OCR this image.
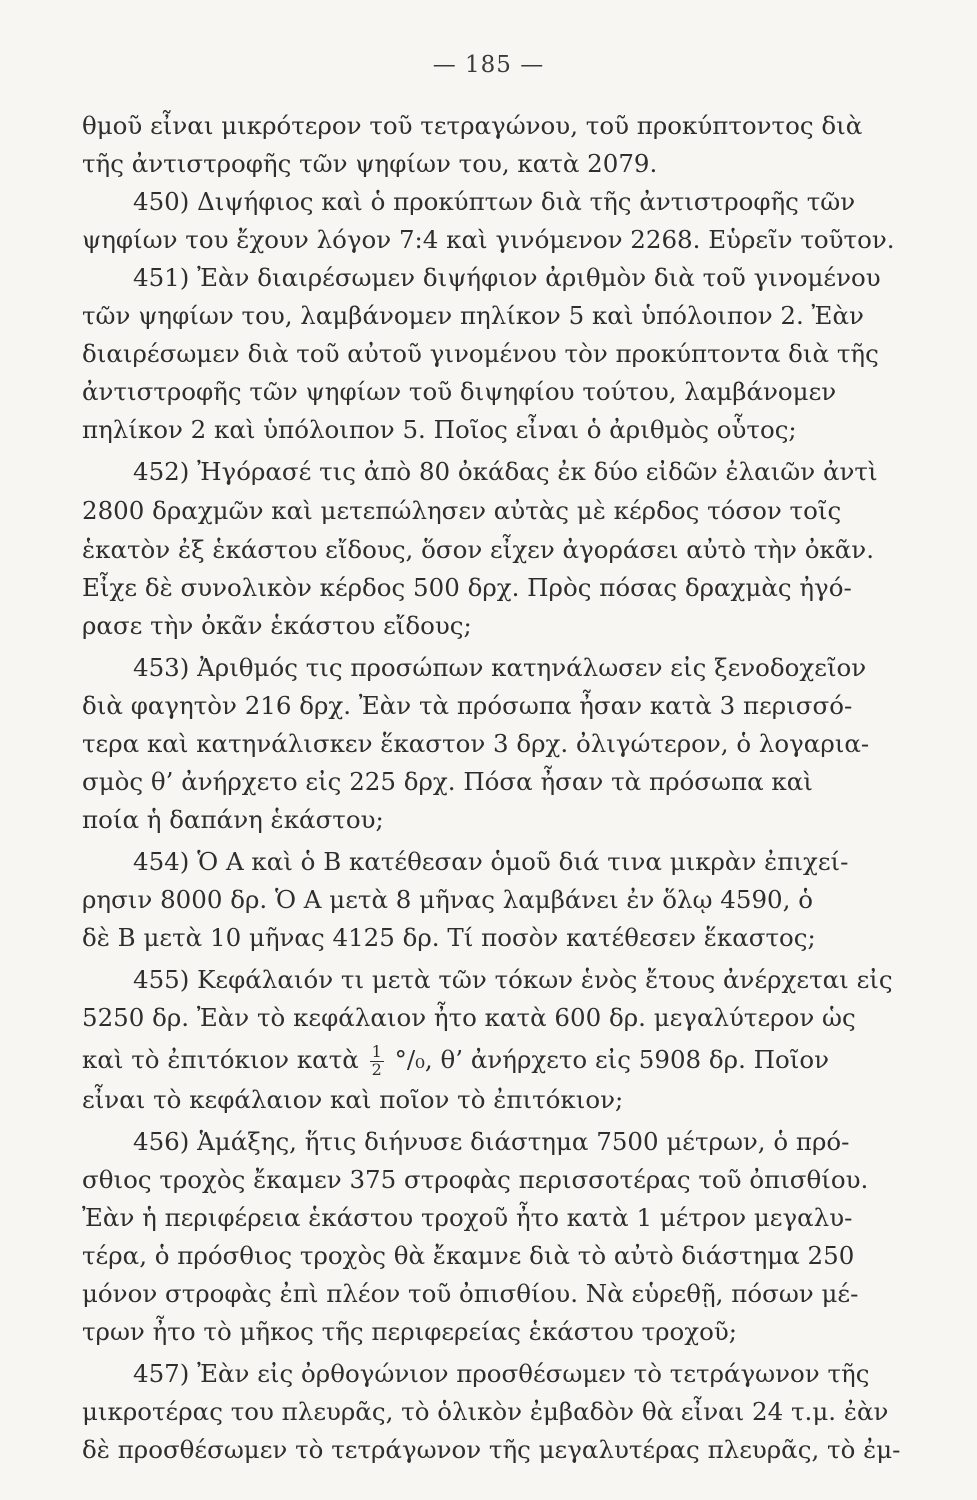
— 185 —
θμοῦ εἶναι μικρότερον τοῦ τετραγώνου, τοῦ προκύπτοντος διὰ
τῆς ἀντιστροφῆς τῶν ψηφίων του, κατὰ 2079.
450) Διψήφιος καὶ ὁ προκύπτων διὰ τῆς ἀντιστροφῆς τῶν
ψηφίων του ἔχουν λόγον 7:4 καὶ γινόμενον 2268. Εὑρεῖν τοῦτον.
451) Ἐὰν διαιρέσωμεν διψήφιον ἀριθμὸν διὰ τοῦ γινομένου
τῶν ψηφίων του, λαμβάνομεν πηλίκον 5 καὶ ὑπόλοιπον 2. Ἐὰν
διαιρέσωμεν διὰ τοῦ αὐτοῦ γινομένου τὸν προκύπτοντα διὰ τῆς
ἀντιστροφῆς τῶν ψηφίων τοῦ διψηφίου τούτου, λαμβάνομεν
πηλίκον 2 καὶ ὑπόλοιπον 5. Ποῖος εἶναι ὁ ἀριθμὸς οὗτος;
452) Ἠγόρασέ τις ἀπὸ 80 ὀκάδας ἐκ δύο εἰδῶν ἐλαιῶν ἀντὶ
2800 δραχμῶν καὶ μετεπώλησεν αὐτὰς μὲ κέρδος τόσον τοῖς
ἑκατὸν ἐξ ἑκάστου εἴδους, ὅσον εἶχεν ἀγοράσει αὐτὸ τὴν ὀκᾶν.
Εἶχε δὲ συνολικὸν κέρδος 500 δρχ. Πρὸς πόσας δραχμὰς ἠγό-
ρασε τὴν ὀκᾶν ἑκάστου εἴδους;
453) Ἀριθμός τις προσώπων κατηνάλωσεν εἰς ξενοδοχεῖον
διὰ φαγητὸν 216 δρχ. Ἐὰν τὰ πρόσωπα ἦσαν κατὰ 3 περισσό-
τερα καὶ κατηνάλισκεν ἕκαστον 3 δρχ. ὀλιγώτερον, ὁ λογαρια-
σμὸς θ’ ἀνήρχετο εἰς 225 δρχ. Πόσα ἦσαν τὰ πρόσωπα καὶ
ποία ἡ δαπάνη ἑκάστου;
454) Ὁ Α καὶ ὁ Β κατέθεσαν ὁμοῦ διά τινα μικρὰν ἐπιχεί-
ρησιν 8000 δρ. Ὁ Α μετὰ 8 μῆνας λαμβάνει ἐν ὅλῳ 4590, ὁ
δὲ Β μετὰ 10 μῆνας 4125 δρ. Τί ποσὸν κατέθεσεν ἕκαστος;
455) Κεφάλαιόν τι μετὰ τῶν τόκων ἑνὸς ἔτους ἀνέρχεται εἰς
5250 δρ. Ἐὰν τὸ κεφάλαιον ἦτο κατὰ 600 δρ. μεγαλύτερον ὡς
καὶ τὸ ἐπιτόκιον κατὰ $\frac{1}{2} ^\circ/_0$, θ’ ἀνήρχετο εἰς 5908 δρ. Ποῖον
εἶναι τὸ κεφάλαιον καὶ ποῖον τὸ ἐπιτόκιον;
456) Ἁμάξης, ἥτις διήνυσε διάστημα 7500 μέτρων, ὁ πρό-
σθιος τροχὸς ἔκαμεν 375 στροφὰς περισσοτέρας τοῦ ὀπισθίου.
Ἐὰν ἡ περιφέρεια ἑκάστου τροχοῦ ἦτο κατὰ 1 μέτρον μεγαλυ-
τέρα, ὁ πρόσθιος τροχὸς θὰ ἔκαμνε διὰ τὸ αὐτὸ διάστημα 250
μόνον στροφὰς ἐπὶ πλέον τοῦ ὀπισθίου. Νὰ εὑρεθῇ, πόσων μέ-
τρων ἦτο τὸ μῆκος τῆς περιφερείας ἑκάστου τροχοῦ;
457) Ἐὰν εἰς ὀρθογώνιον προσθέσωμεν τὸ τετράγωνον τῆς
μικροτέρας του πλευρᾶς, τὸ ὁλικὸν ἐμβαδὸν θὰ εἶναι 24 τ.μ. ἐὰν
δὲ προσθέσωμεν τὸ τετράγωνον τῆς μεγαλυτέρας πλευρᾶς, τὸ ἐμ-
